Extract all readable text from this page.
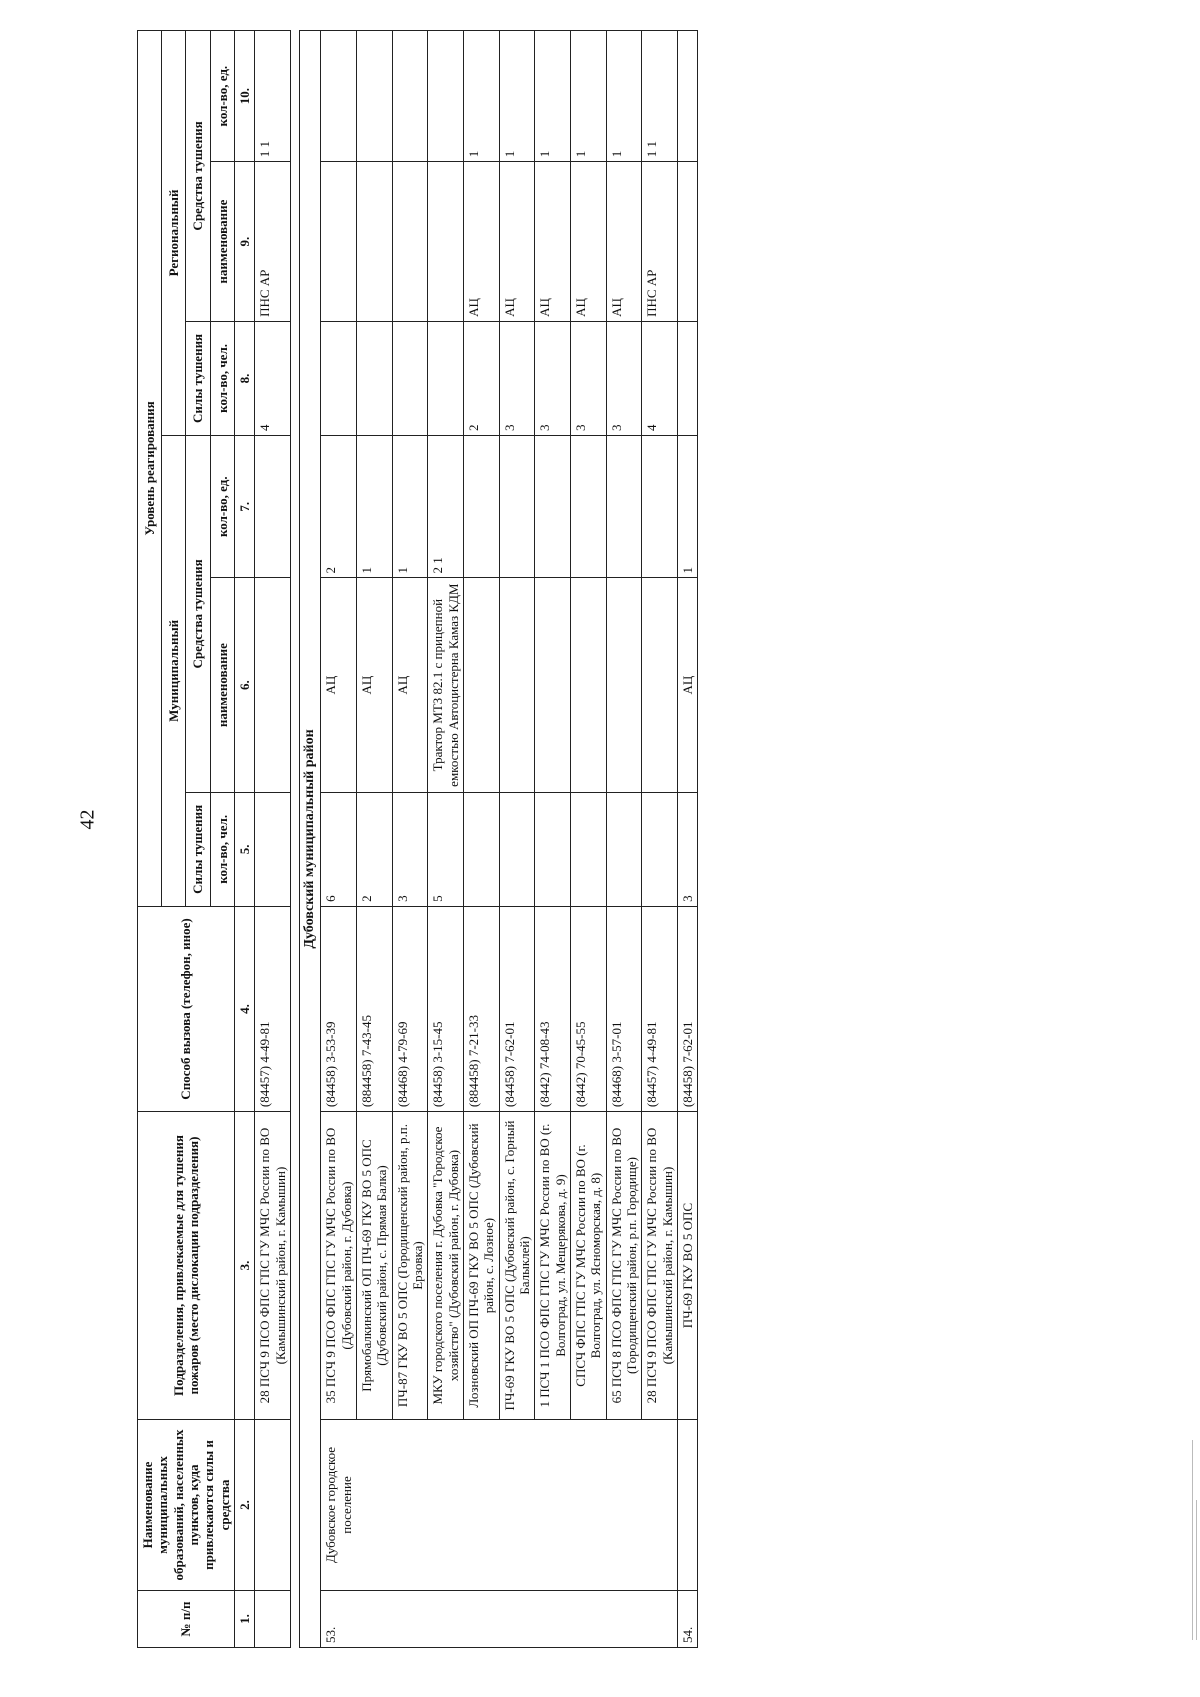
42
№ п/п	Наименование муниципальных образований, населенных пунктов, куда привлекаются силы и средства	Подразделения, привлекаемые для тушения пожаров (место дислокации подразделения)	Способ вызова (телефон, иное)	Уровень реагирования					
				Муниципальный			Региональный		
				Силы тушения	Средства тушения		Силы тушения	Средства тушения	
				кол-во, чел.	наименование	кол-во, ед.	кол-во, чел.	наименование	кол-во, ед.
1.	2.	3.	4.	5.	6.	7.	8.	9.	10.
		28 ПСЧ 9 ПСО ФПС ГПС ГУ МЧС России по ВО (Камышинский район, г. Камышин)	(84457) 4-49-81				4	ПНС АР	1 1

Дубовский муниципальный район									
53.	Дубовское городское поселение	35 ПСЧ 9 ПСО ФПС ГПС ГУ МЧС России по ВО (Дубовский район, г. Дубовка)	(84458) 3-53-39	6	АЦ	2			
		Прямобалкинский ОП ПЧ-69 ГКУ ВО 5 ОПС (Дубовский район, с. Прямая Балка)	(884458) 7-43-45	2	АЦ	1			
		ПЧ-87 ГКУ ВО 5 ОПС (Городищенский район, р.п. Ерзовка)	(84468) 4-79-69	3	АЦ	1			
		МКУ городского поселения г. Дубовка "Городское хозяйство" (Дубовский район, г. Дубовка)	(84458) 3-15-45	5	Трактор МТЗ 82.1 с прицепной емкостью Автоцистерна Камаз КДМ	2 1			
		Лозновский ОП ПЧ-69 ГКУ ВО 5 ОПС (Дубовский район, с. Лозное)	(884458) 7-21-33				2	АЦ	1
		ПЧ-69 ГКУ ВО 5 ОПС (Дубовский район, с. Горный Балыклей)	(84458) 7-62-01				3	АЦ	1
		1 ПСЧ 1 ПСО ФПС ГПС ГУ МЧС России по ВО (г. Волгоград, ул. Мещерякова, д. 9)	(8442) 74-08-43				3	АЦ	1
		СПСЧ ФПС ГПС ГУ МЧС России по ВО (г. Волгоград, ул. Ясноморская, д. 8)	(8442) 70-45-55				3	АЦ	1
		65 ПСЧ 8 ПСО ФПС ГПС ГУ МЧС России по ВО (Городищенский район, р.п. Городище)	(84468) 3-57-01				3	АЦ	1
		28 ПСЧ 9 ПСО ФПС ГПС ГУ МЧС России по ВО (Камышинский район, г. Камышин)	(84457) 4-49-81				4	ПНС АР	1 1
54.		ПЧ-69 ГКУ ВО 5 ОПС	(84458) 7-62-01	3	АЦ	1			
